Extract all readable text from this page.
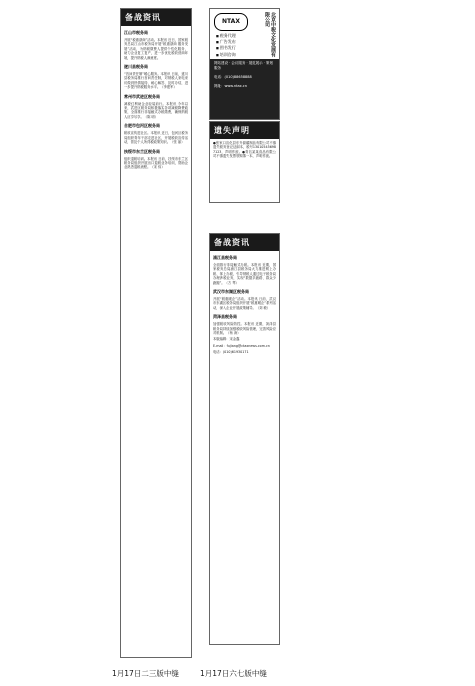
备战资讯
江山市税务局
开展“税惠浙商”活动。本报讯 近日，国家税务总局江山市税务局开展“税惠浙商 服务发展”活动，为纳税缴费人提供个性化服务，助力企业复工复产，进一步优化税收营商环境，提升纳税人满意度。
遂川县税务局
“首问责任制”暖心服务。本报讯 日前，遂川县税务局推行首问责任制，对纳税人来电来访做到热情接待、耐心解答、及时办结，进一步提升纳税服务水平。（李建军）
常州市武进区税务局
减税红利助企业轻装前行。本报讯 今年以来，武进区税务局积极落实各项减税降费政策，全面推行非接触式办税缴费，确保纳税人应享尽享。（陈 明）
合肥市包河区税务局
税收宣传进社区。本报讯 近日，包河区税务局组织青年干部走进社区，开展税收宣传活动，普及个人所得税政策知识。（张 丽）
扶绥市东兰区税务局
组织退税培训。本报讯 日前，扶绥市东兰区税务局组织开展出口退税业务培训，帮助企业熟悉退税流程。（宋 伟）
NTAX	北京中税文化发展有限公司
■ 税务代理
■ 广告发布
■ 图书发行
■ 培训咨询
网站建设 · 会议服务 · 展览展示 · 策划服务
电话：(010)88658888
网址：www.ntax.cn
遗失声明
●张家口宣化县东升源碳制品有限公司不慎遗失税务登记证副本，税号130105456987123，声明作废。●青岛某某食品有限公司不慎遗失发票领购簿一本，声明作废。
备战资讯
浦江县税务局
全面推行非接触式办税。本报讯 近期，国家税务总局浦江县税务局大力推进网上办税、掌上办税，引导纳税人通过电子税务局办理涉税业务，实现“数据多跑路、群众少跑腿”。（方 琴）
武汉市东湖区税务局
开展“税惠暖企”活动。本报讯 日前，武汉市东湖区税务局组织开展“税惠暖企”系列活动，深入企业开展政策辅导。（刘 敏）
菏泽县税务局
加强税收风险防控。本报讯 近期，菏泽县税务局持续加强税收风险管理，完善风险应对机制。（杨 涛）
本版编辑：宋金鑫
E-mail：fujiang@ctaxnews.com.cn
电话：(010)61930171
1月17日二三版中缝	1月17日六七版中缝
